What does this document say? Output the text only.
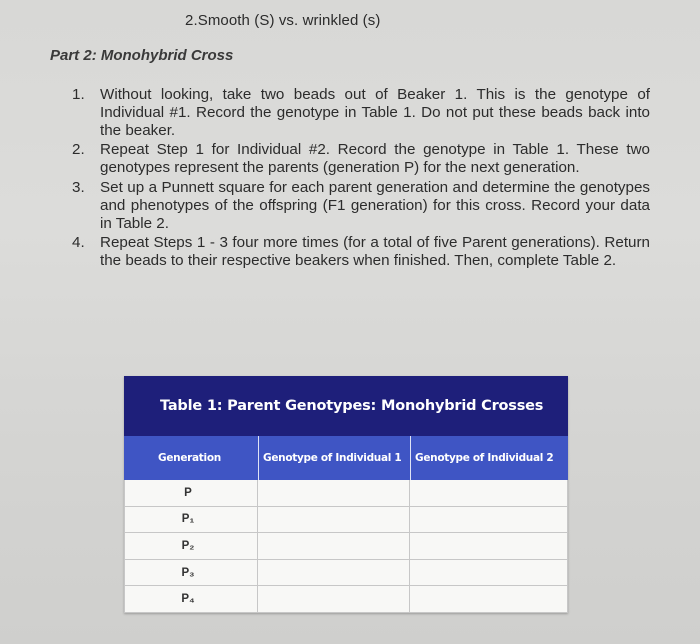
2.Smooth (S) vs. wrinkled (s)
Part 2: Monohybrid Cross
1.	Without looking, take two beads out of Beaker 1. This is the genotype of Individual #1. Record the genotype in Table 1. Do not put these beads back into the beaker.
2.	Repeat Step 1 for Individual #2. Record the genotype in Table 1. These two genotypes represent the parents (generation P) for the next generation.
3.	Set up a Punnett square for each parent generation and determine the genotypes and phenotypes of the offspring (F1 generation) for this cross. Record your data in Table 2.
4.	Repeat Steps 1 - 3 four more times (for a total of five Parent generations). Return the beads to their respective beakers when finished. Then, complete Table 2.
Table 1: Parent Genotypes: Monohybrid Crosses
Generation	Genotype of Individual 1	Genotype of Individual 2
P
P₁
P₂
P₃
P₄
